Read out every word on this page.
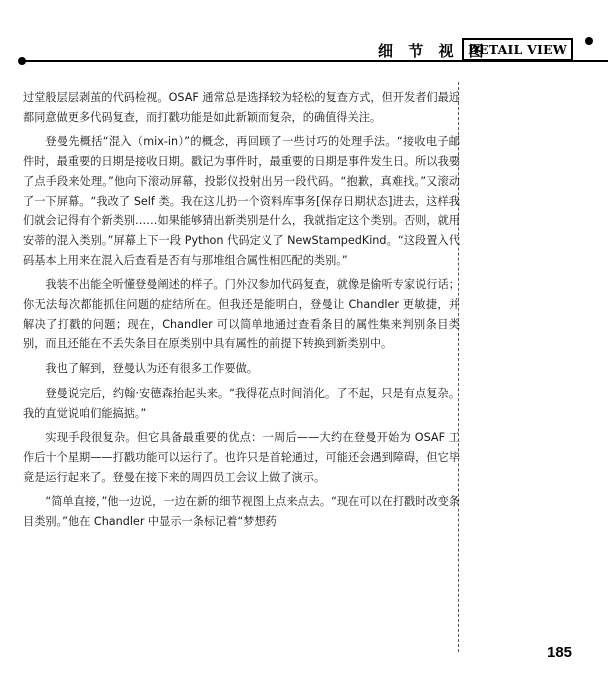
细 节 视 图
DETAIL VIEW

过堂般层层剥茧的代码检视。OSAF 通常总是选择较为轻松的复查方式，但开发者们最近都同意做更多代码复查，而打戳功能是如此新颖而复杂，的确值得关注。

登曼先概括“混入（mix-in）”的概念，再回顾了一些讨巧的处理手法。“接收电子邮件时，最重要的日期是接收日期。戳记为事件时，最重要的日期是事件发生日。所以我要了点手段来处理。”他向下滚动屏幕，投影仪投射出另一段代码。“抱歉，真难找。”又滚动了一下屏幕。“我改了 Self 类。我在这儿扔一个资料库事务[保存日期状态]进去，这样我们就会记得有个新类别……如果能够猜出新类别是什么，我就指定这个类别。否则，就用安蒂的混入类别。”屏幕上下一段 Python 代码定义了 NewStampedKind。“这段置入代码基本上用来在混入后查看是否有与那堆组合属性相匹配的类别。”

我装不出能全听懂登曼阐述的样子。门外汉参加代码复查，就像是偷听专家说行话；你无法每次都能抓住问题的症结所在。但我还是能明白，登曼让 Chandler 更敏捷，并解决了打戳的问题；现在，Chandler 可以简单地通过查看条目的属性集来判别条目类别，而且还能在不丢失条目在原类别中具有属性的前提下转换到新类别中。

我也了解到，登曼认为还有很多工作要做。

登曼说完后，约翰·安德森抬起头来。“我得花点时间消化。了不起，只是有点复杂。我的直觉说咱们能搞掂。”

实现手段很复杂。但它具备最重要的优点：一周后——大约在登曼开始为 OSAF 工作后十个星期——打戳功能可以运行了。也许只是首轮通过，可能还会遇到障碍，但它毕竟是运行起来了。登曼在接下来的周四员工会议上做了演示。

“简单直接，”他一边说，一边在新的细节视图上点来点去。“现在可以在打戳时改变条目类别。”他在 Chandler 中显示一条标记着“梦想药

185
